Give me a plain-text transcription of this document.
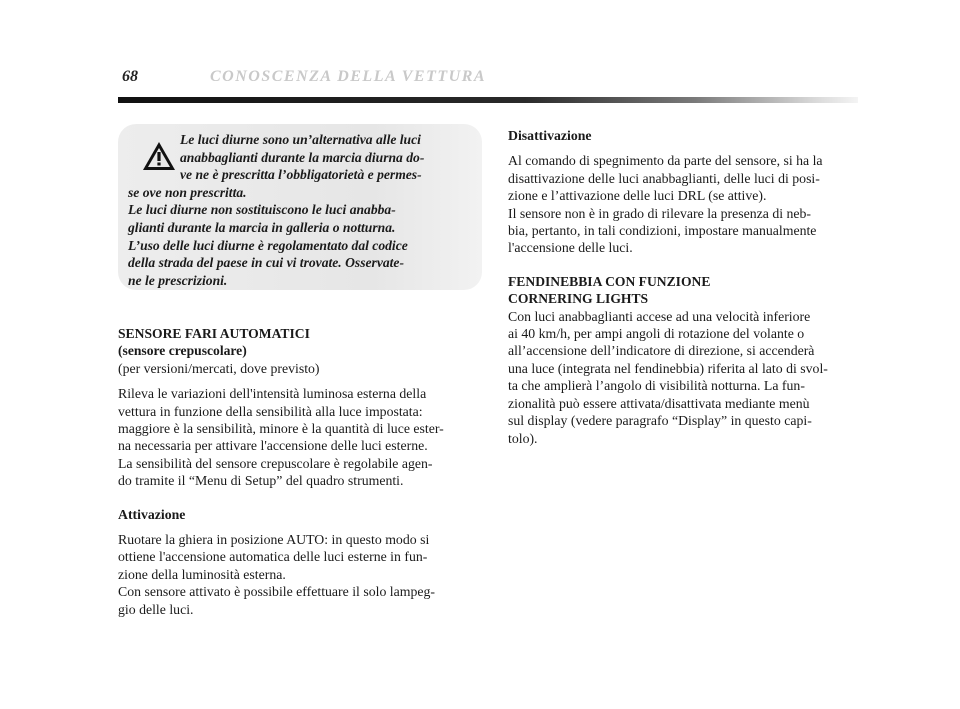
68	CONOSCENZA DELLA VETTURA

Le luci diurne sono un’alternativa alle luci
anabbaglianti durante la marcia diurna do-
ve ne è prescritta l’obbligatorietà e permes-
se ove non prescritta.
Le luci diurne non sostituiscono le luci anabba-
glianti durante la marcia in galleria o notturna.
L’uso delle luci diurne è regolamentato dal codice
della strada del paese in cui vi trovate. Osservate-
ne le prescrizioni.

SENSORE FARI AUTOMATICI
(sensore crepuscolare)

(per versioni/mercati, dove previsto)

Rileva le variazioni dell'intensità luminosa esterna della
vettura in funzione della sensibilità alla luce impostata:
maggiore è la sensibilità, minore è la quantità di luce ester-
na necessaria per attivare l'accensione delle luci esterne.
La sensibilità del sensore crepuscolare è regolabile agen-
do tramite il “Menu di Setup” del quadro strumenti.

Attivazione

Ruotare la ghiera in posizione AUTO: in questo modo si
ottiene l'accensione automatica delle luci esterne in fun-
zione della luminosità esterna.
Con sensore attivato è possibile effettuare il solo lampeg-
gio delle luci.

Disattivazione

Al comando di spegnimento da parte del sensore, si ha la
disattivazione delle luci anabbaglianti, delle luci di posi-
zione e l’attivazione delle luci DRL (se attive).
Il sensore non è in grado di rilevare la presenza di neb-
bia, pertanto, in tali condizioni, impostare manualmente
l'accensione delle luci.

FENDINEBBIA CON FUNZIONE
CORNERING LIGHTS

Con luci anabbaglianti accese ad una velocità inferiore
ai 40 km/h, per ampi angoli di rotazione del volante o
all’accensione dell’indicatore di direzione, si accenderà
una luce (integrata nel fendinebbia) riferita al lato di svol-
ta che amplierà l’angolo di visibilità notturna. La fun-
zionalità può essere attivata/disattivata mediante menù
sul display (vedere paragrafo “Display” in questo capi-
tolo).
